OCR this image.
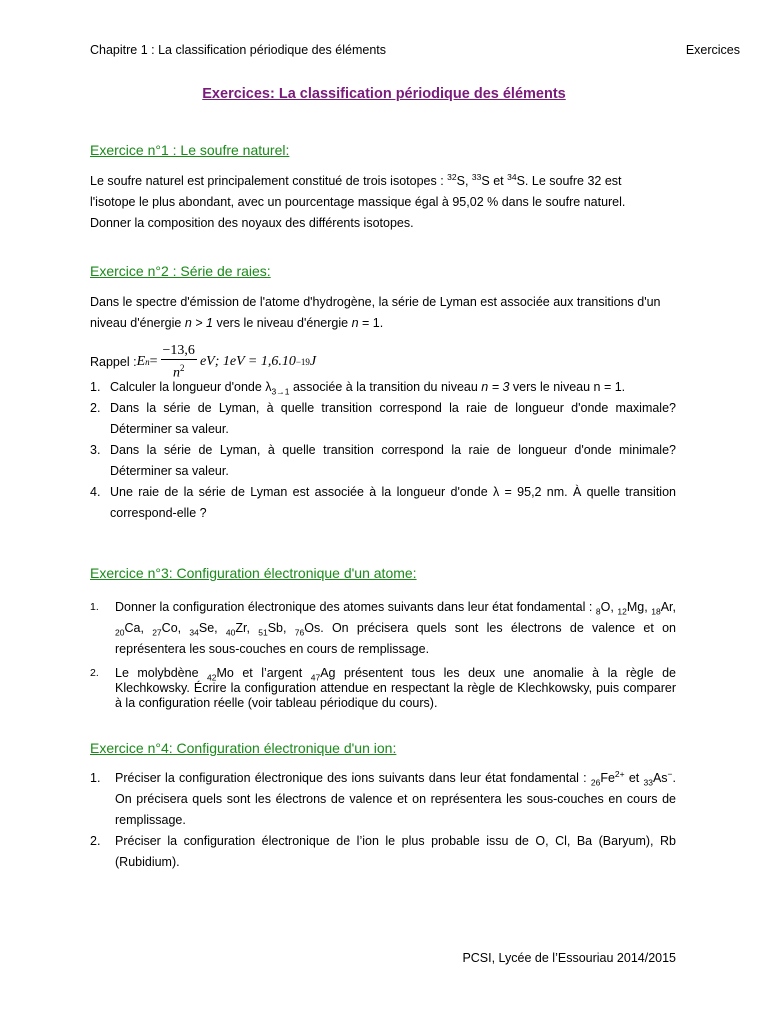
Chapitre 1 : La classification périodique des éléments	Exercices
Exercices: La classification périodique des éléments
Exercice n°1 : Le soufre naturel:
Le soufre naturel est principalement constitué de trois isotopes : $^{32}$S, $^{33}$S et $^{34}$S. Le soufre 32 est
l'isotope le plus abondant, avec un pourcentage massique égal à 95,02 % dans le soufre naturel.
Donner la composition des noyaux des différents isotopes.
Exercice n°2 : Série de raies:
Dans le spectre d'émission de l'atome d'hydrogène, la série de Lyman est associée aux transitions d'un
niveau d'énergie n > 1 vers le niveau d'énergie n = 1.
Rappel : E $n = \frac{-13,6}{n^2}$ eV ; 1eV = 1,6.10 −19 J
1. Calculer la longueur d'onde $\lambda_{3\to 1}$ associée à la transition du niveau n = 3 vers le niveau n = 1.
2. Dans la série de Lyman, à quelle transition correspond la raie de longueur d'onde maximale? Déterminer sa valeur.
3. Dans la série de Lyman, à quelle transition correspond la raie de longueur d'onde minimale? Déterminer sa valeur.
4. Une raie de la série de Lyman est associée à la longueur d'onde λ = 95,2 nm. À quelle transition correspond-elle ?
Exercice n°3: Configuration électronique d'un atome:
1. Donner la configuration électronique des atomes suivants dans leur état fondamental : $_8$O, $_{12}$Mg, $_{18}$Ar, $_{20}$Ca, $_{27}$Co, $_{34}$Se, $_{40}$Zr, $_{51}$Sb, $_{76}$Os. On précisera quels sont les électrons de valence et on représentera les sous-couches en cours de remplissage.
2. Le molybdène $_{42}$Mo et l’argent $_{47}$Ag présentent tous les deux une anomalie à la règle de Klechkowsky. Écrire la configuration attendue en respectant la règle de Klechkowsky, puis comparer à la configuration réelle (voir tableau périodique du cours).
Exercice n°4: Configuration électronique d'un ion:
1. Préciser la configuration électronique des ions suivants dans leur état fondamental : $_{26}Fe^{2+}$ et $_{33}$As−. On précisera quels sont les électrons de valence et on représentera les sous-couches en cours de remplissage.
2. Préciser la configuration électronique de l’ion le plus probable issu de O, Cl, Ba (Baryum), Rb (Rubidium).
PCSI, Lycée de l’Essouriau 2014/2015
